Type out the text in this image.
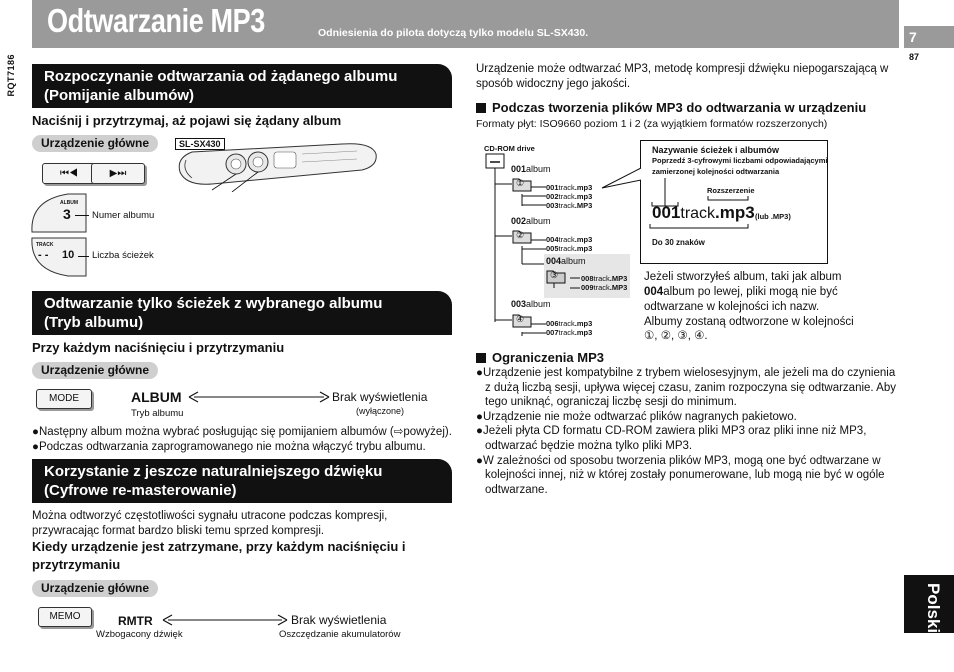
Odtwarzanie MP3	Odniesienia do pilota dotyczą tylko modelu SL-SX430.
RQT7186
7
87
Polski
Rozpoczynanie odtwarzania od żądanego albumu
(Pomijanie albumów)
Naciśnij i przytrzymaj, aż pojawi się żądany album
Urządzenie główne	SL-SX430
⏮◀	▶⏭
ALBUM
3 Numer albumu
TRACK
- - 10 Liczba ścieżek
Odtwarzanie tylko ścieżek z wybranego albumu
(Tryb albumu)
Przy każdym naciśnięciu i przytrzymaniu
Urządzenie główne
MODE	ALBUM	Brak wyświetlenia
Tryb albumu	(wyłączone)
●Następny album można wybrać posługując się pomijaniem albumów (⇨powyżej).
●Podczas odtwarzania zaprogramowanego nie można włączyć trybu albumu.
Korzystanie z jeszcze naturalniejszego dźwięku
(Cyfrowe re-masterowanie)
Można odtworzyć częstotliwości sygnału utracone podczas kompresji, przywracając format bardzo bliski temu sprzed kompresji.
Kiedy urządzenie jest zatrzymane, przy każdym naciśnięciu i
przytrzymaniu
Urządzenie główne
MEMO	RMTR	Brak wyświetlenia
Wzbogacony dźwięk	Oszczędzanie akumulatorów
Urządzenie może odtwarzać MP3, metodę kompresji dźwięku niepogarszającą w sposób widoczny jego jakości.
Podczas tworzenia plików MP3 do odtwarzania w urządzeniu
Formaty płyt: ISO9660 poziom 1 i 2 (za wyjątkiem formatów rozszerzonych)
CD-ROM drive
001album
①
002album
②
004album
③
003album
④
001track.mp3
002track.mp3
003track.MP3
004track.mp3
005track.mp3
008track.MP3
009track.MP3
006track.mp3
007track.mp3
Nazywanie ścieżek i albumów
Poprzedź 3-cyfrowymi liczbami odpowiadającymi
zamierzonej kolejności odtwarzania
Rozszerzenie
001track.mp3 (lub .MP3)
Do 30 znaków
Jeżeli stworzyłeś album, taki jak album
004album po lewej, pliki mogą nie być
odtwarzane w kolejności ich nazw.
Albumy zostaną odtworzone w kolejności
①, ②, ③, ④.
Ograniczenia MP3
●Urządzenie jest kompatybilne z trybem wielosesyjnym, ale jeżeli ma do czynienia z dużą liczbą sesji, upływa więcej czasu, zanim rozpoczyna się odtwarzanie. Aby tego uniknąć, ograniczaj liczbę sesji do minimum.
●Urządzenie nie może odtwarzać plików nagranych pakietowo.
●Jeżeli płyta CD formatu CD-ROM zawiera pliki MP3 oraz pliki inne niż MP3, odtwarzać będzie można tylko pliki MP3.
●W zależności od sposobu tworzenia plików MP3, mogą one być odtwarzane w kolejności innej, niż w której zostały ponumerowane, lub mogą nie być w ogóle odtwarzane.
